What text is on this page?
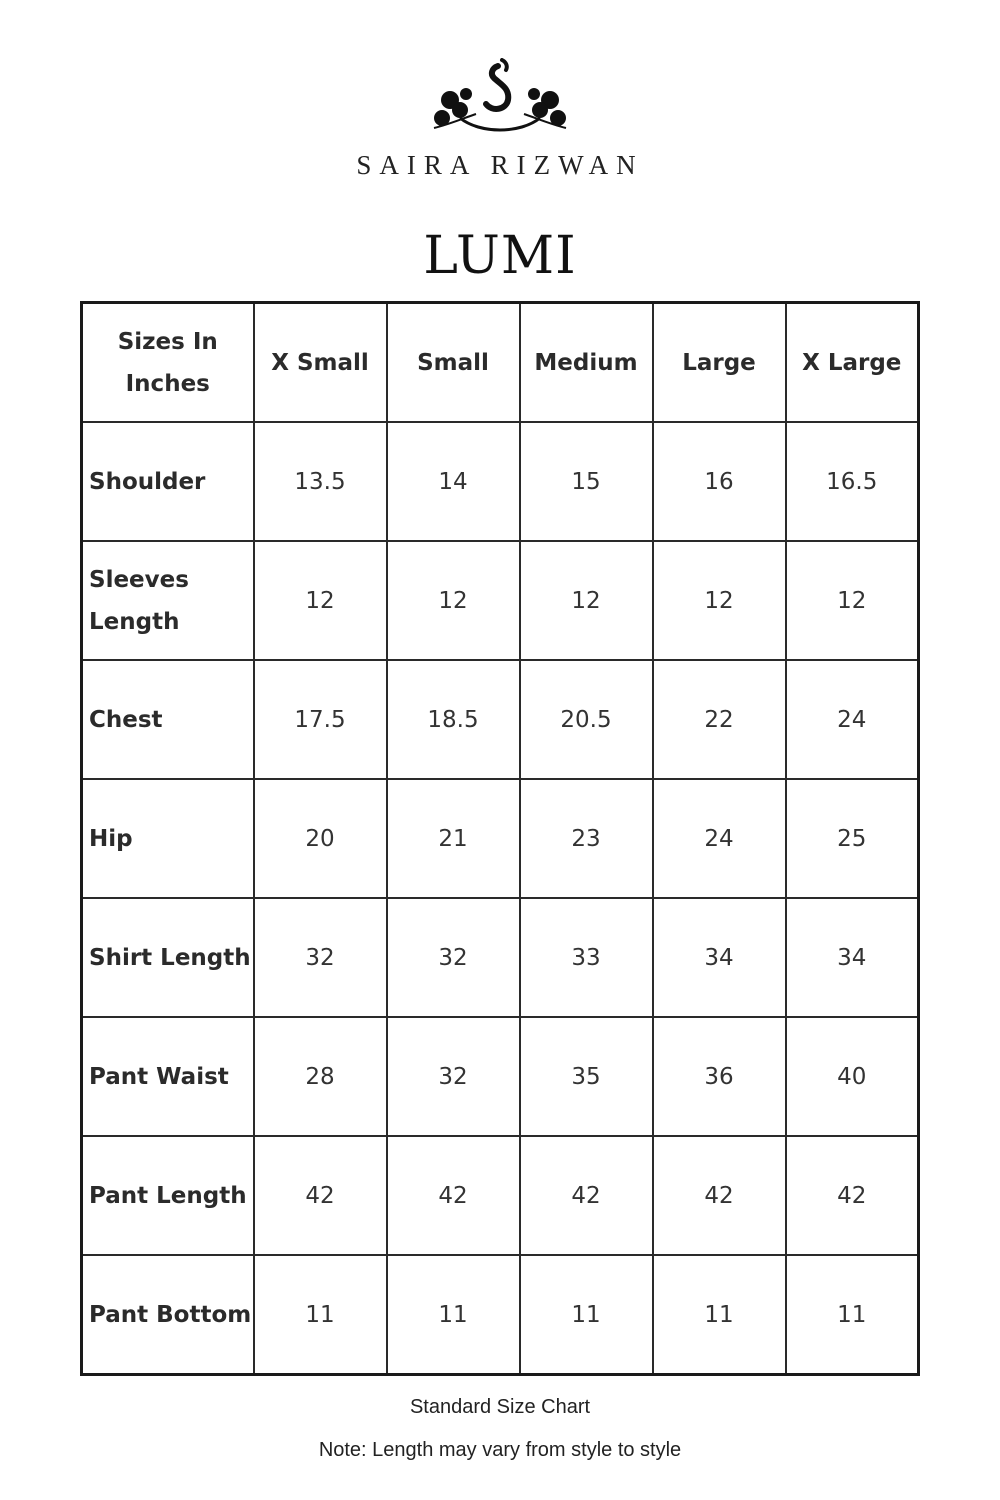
SAIRA RIZWAN
LUMI
Sizes In Inches	X Small	Small	Medium	Large	X Large
Shoulder	13.5	14	15	16	16.5
Sleeves Length	12	12	12	12	12
Chest	17.5	18.5	20.5	22	24
Hip	20	21	23	24	25
Shirt Length	32	32	33	34	34
Pant Waist	28	32	35	36	40
Pant Length	42	42	42	42	42
Pant Bottom	11	11	11	11	11
Standard Size Chart
Note: Length may vary from style to style
